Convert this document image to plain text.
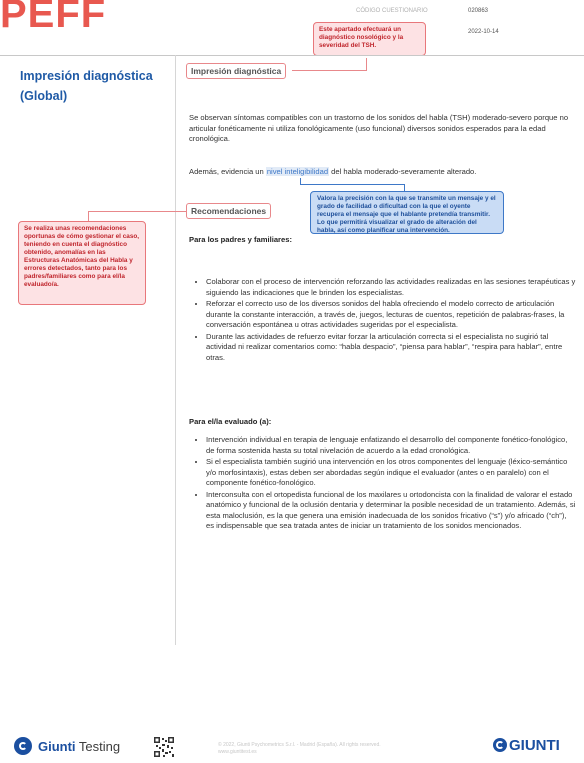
PEFF	CÓDIGO CUESTIONARIO	020863
2022-10-14
Este apartado efectuará un diagnóstico nosológico y la severidad del TSH.
Impresión diagnóstica (Global)
Impresión diagnóstica
Se observan síntomas compatibles con un trastorno de los sonidos del habla (TSH) moderado-severo porque no articular fonéticamente ni utiliza fonológicamente (uso funcional) diversos sonidos esperados para la edad cronológica.
Además, evidencia un nivel inteligibilidad del habla moderado-severamente alterado.
Valora la precisión con la que se transmite un mensaje y el grado de facilidad o dificultad con la que el oyente recupera el mensaje que el hablante pretendía transmitir. Lo que permitirá visualizar el grado de alteración del habla, así como planificar una intervención.
Se realiza unas recomendaciones oportunas de cómo gestionar el caso, teniendo en cuenta el diagnóstico obtenido, anomalías en las Estructuras Anatómicas del Habla y errores detectados, tanto para los padres/familiares como para el/la evaluado/a.
Recomendaciones
Para los padres y familiares:
• Colaborar con el proceso de intervención reforzando las actividades realizadas en las sesiones terapéuticas y siguiendo las indicaciones que le brinden los especialistas.
• Reforzar el correcto uso de los diversos sonidos del habla ofreciendo el modelo correcto de articulación durante la constante interacción, a través de, juegos, lecturas de cuentos, repetición de palabras-frases, la conversación espontánea u otras actividades sugeridas por el especialista.
• Durante las actividades de refuerzo evitar forzar la articulación correcta si el especialista no sugirió tal actividad ni realizar comentarios como: “habla despacio”, “piensa para hablar”, “respira para hablar”, entre otras.
Para el/la evaluado (a):
• Intervención individual en terapia de lenguaje enfatizando el desarrollo del componente fonético-fonológico, de forma sostenida hasta su total nivelación de acuerdo a la edad cronológica.
• Si el especialista también sugirió una intervención en los otros componentes del lenguaje (léxico-semántico y/o morfosintaxis), estas deben ser abordadas según indique el evaluador (antes o en paralelo) con el componente fonético-fonológico.
• Interconsulta con el ortopedista funcional de los maxilares u ortodoncista con la finalidad de valorar el estado anatómico y funcional de la oclusión dentaria y determinar la posible necesidad de un tratamiento. Además, si esta maloclusión, es la que genera una emisión inadecuada de los sonidos fricativo (“s”) y/o africado (“ch”), es indispensable que sea tratada antes de iniciar un tratamiento de los sonidos mencionados.
Giunti Testing	© 2022, Giunti Psychometrics S.r.l. - Madrid (España). All rights reserved.
www.giuntitest.es	GIUNTI
